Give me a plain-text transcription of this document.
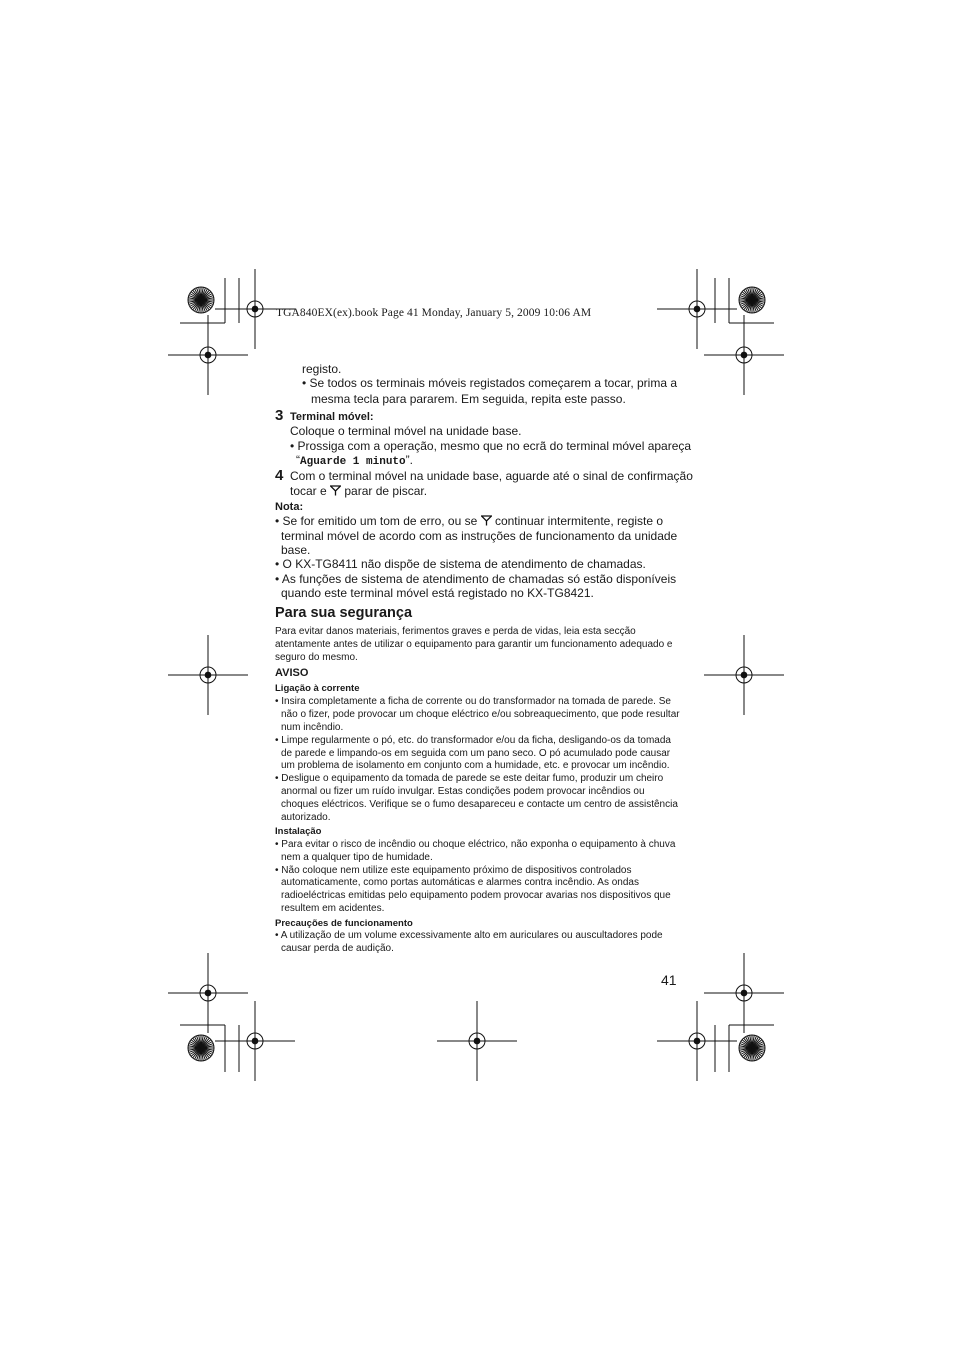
TGA840EX(ex).book Page 41 Monday, January 5, 2009 10:06 AM
registo.
• Se todos os terminais móveis registados começarem a tocar, prima a
mesma tecla para pararem. Em seguida, repita este passo.
3 Terminal móvel:
Coloque o terminal móvel na unidade base.
• Prossiga com a operação, mesmo que no ecrã do terminal móvel apareça
“Aguarde 1 minuto”.
4 Com o terminal móvel na unidade base, aguarde até o sinal de confirmação
tocar e  parar de piscar.
Nota:
• Se for emitido um tom de erro, ou se  continuar intermitente, registe o
terminal móvel de acordo com as instruções de funcionamento da unidade
base.
• O KX-TG8411 não dispõe de sistema de atendimento de chamadas.
• As funções de sistema de atendimento de chamadas só estão disponíveis
quando este terminal móvel está registado no KX-TG8421.
Para sua segurança
Para evitar danos materiais, ferimentos graves e perda de vidas, leia esta secção
atentamente antes de utilizar o equipamento para garantir um funcionamento adequado e
seguro do mesmo.
AVISO
Ligação à corrente
• Insira completamente a ficha de corrente ou do transformador na tomada de parede. Se
não o fizer, pode provocar um choque eléctrico e/ou sobreaquecimento, que pode resultar
num incêndio.
• Limpe regularmente o pó, etc. do transformador e/ou da ficha, desligando-os da tomada
de parede e limpando-os em seguida com um pano seco. O pó acumulado pode causar
um problema de isolamento em conjunto com a humidade, etc. e provocar um incêndio.
• Desligue o equipamento da tomada de parede se este deitar fumo, produzir um cheiro
anormal ou fizer um ruído invulgar. Estas condições podem provocar incêndios ou
choques eléctricos. Verifique se o fumo desapareceu e contacte um centro de assistência
autorizado.
Instalação
• Para evitar o risco de incêndio ou choque eléctrico, não exponha o equipamento à chuva
nem a qualquer tipo de humidade.
• Não coloque nem utilize este equipamento próximo de dispositivos controlados
automaticamente, como portas automáticas e alarmes contra incêndio. As ondas
radioeléctricas emitidas pelo equipamento podem provocar avarias nos dispositivos que
resultem em acidentes.
Precauções de funcionamento
• A utilização de um volume excessivamente alto em auriculares ou auscultadores pode
causar perda de audição.
41
